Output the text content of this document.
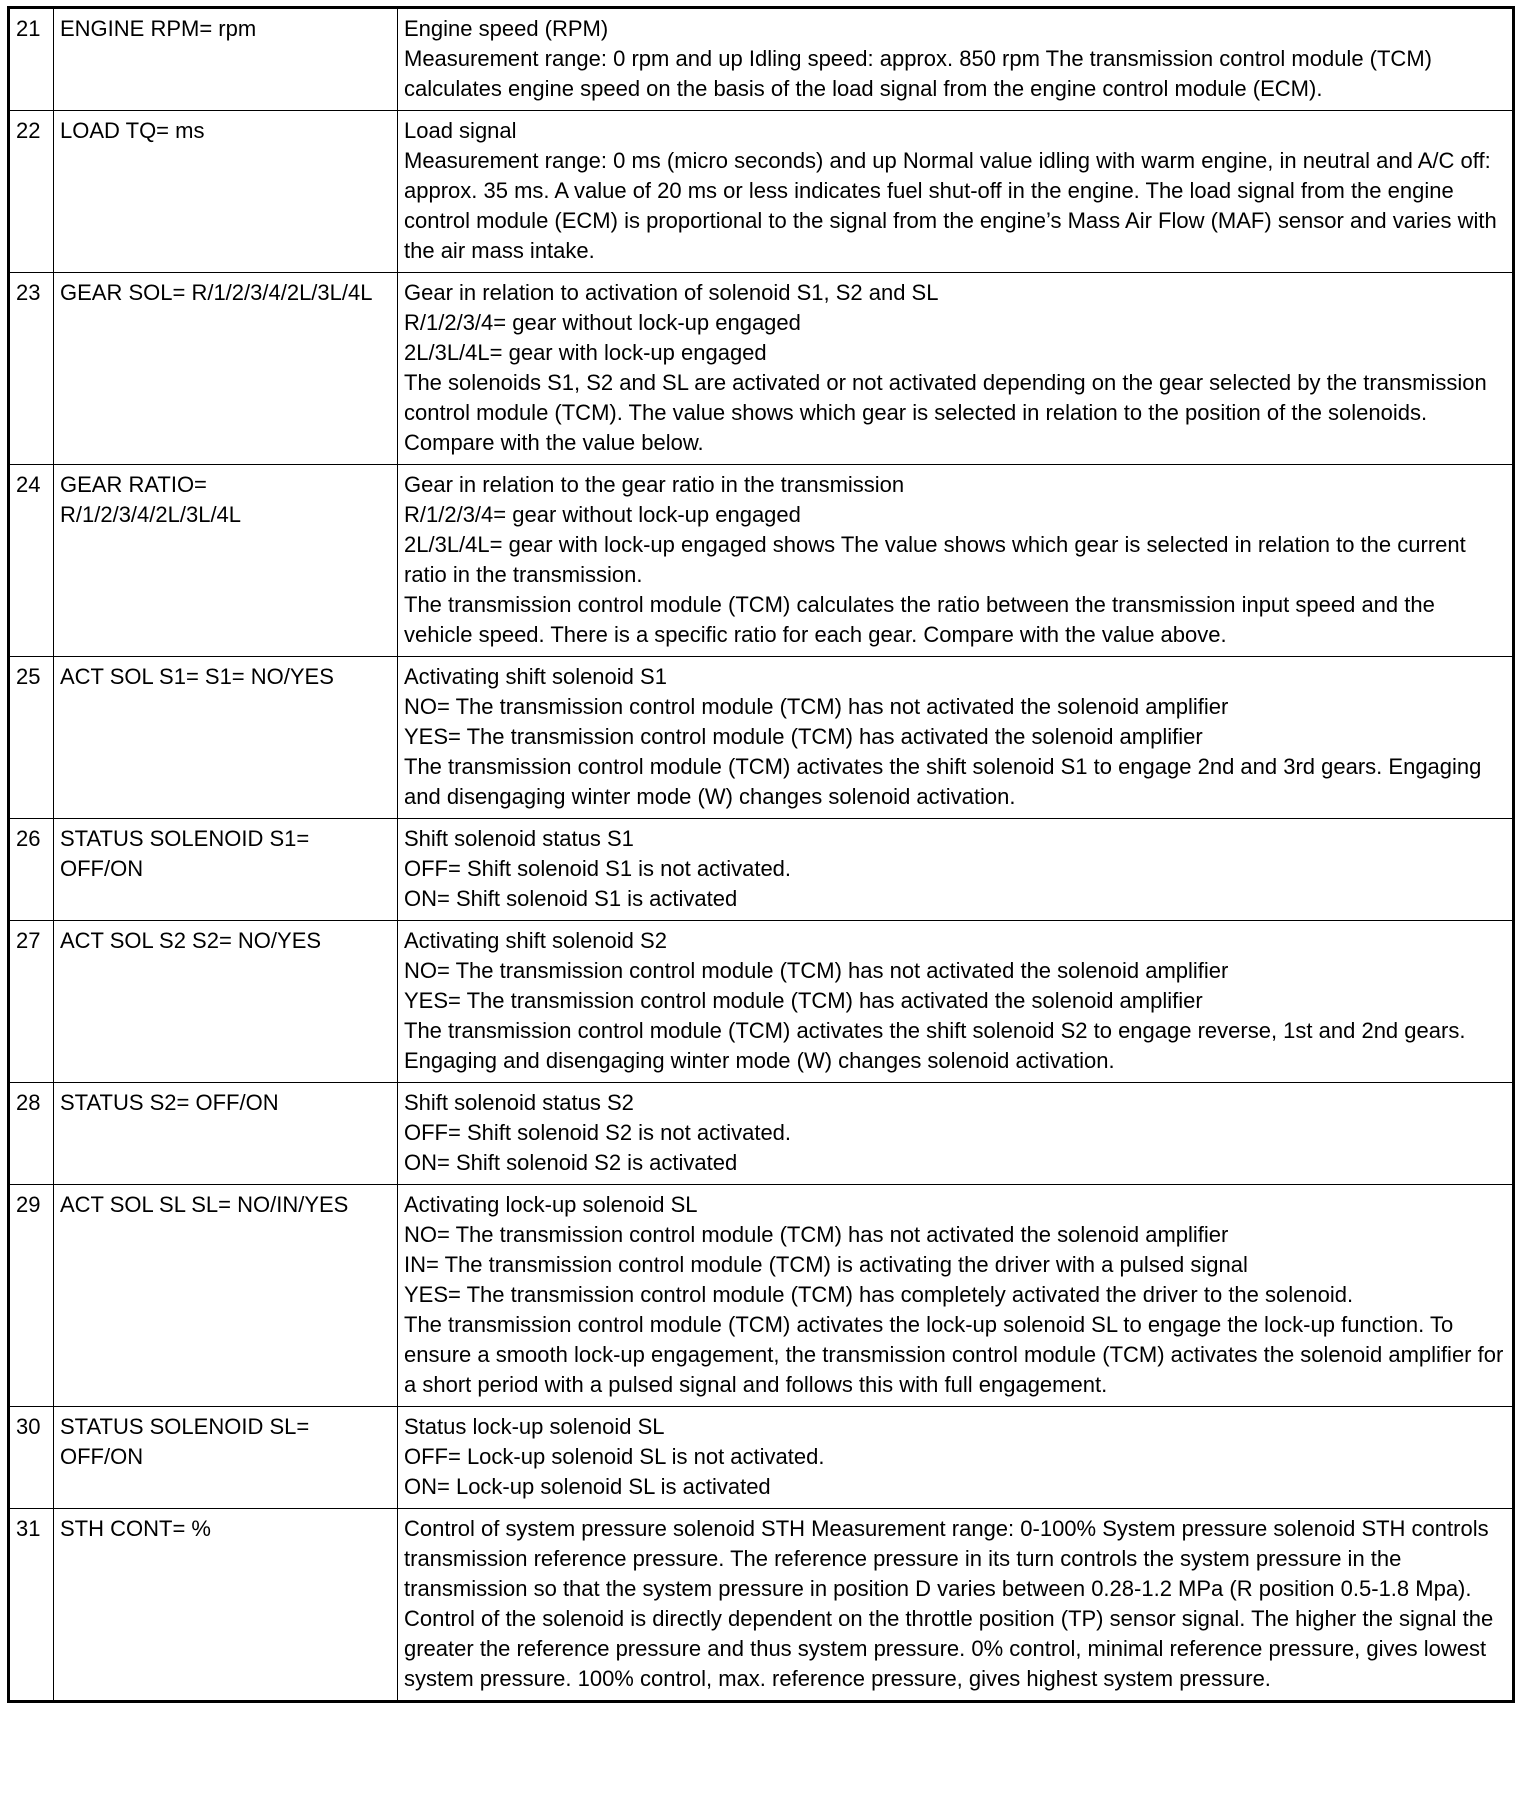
21	ENGINE RPM= rpm	Engine speed (RPM)
Measurement range: 0 rpm and up Idling speed: approx. 850 rpm The transmission control module (TCM) calculates engine speed on the basis of the load signal from the engine control module (ECM).

22	LOAD TQ= ms	Load signal
Measurement range: 0 ms (micro seconds) and up Normal value idling with warm engine, in neutral and A/C off: approx. 35 ms. A value of 20 ms or less indicates fuel shut-off in the engine. The load signal from the engine control module (ECM) is proportional to the signal from the engine’s Mass Air Flow (MAF) sensor and varies with the air mass intake.

23	GEAR SOL= R/1/2/3/4/2L/3L/4L	Gear in relation to activation of solenoid S1, S2 and SL
R/1/2/3/4= gear without lock-up engaged
2L/3L/4L= gear with lock-up engaged
The solenoids S1, S2 and SL are activated or not activated depending on the gear selected by the transmission control module (TCM). The value shows which gear is selected in relation to the position of the solenoids. Compare with the value below.

24	GEAR RATIO= R/1/2/3/4/2L/3L/4L	Gear in relation to the gear ratio in the transmission
R/1/2/3/4= gear without lock-up engaged
2L/3L/4L= gear with lock-up engaged shows The value shows which gear is selected in relation to the current ratio in the transmission.
The transmission control module (TCM) calculates the ratio between the transmission input speed and the vehicle speed. There is a specific ratio for each gear. Compare with the value above.

25	ACT SOL S1= S1= NO/YES	Activating shift solenoid S1
NO= The transmission control module (TCM) has not activated the solenoid amplifier
YES= The transmission control module (TCM) has activated the solenoid amplifier
The transmission control module (TCM) activates the shift solenoid S1 to engage 2nd and 3rd gears. Engaging and disengaging winter mode (W) changes solenoid activation.

26	STATUS SOLENOID S1= OFF/ON	Shift solenoid status S1
OFF= Shift solenoid S1 is not activated.
ON= Shift solenoid S1 is activated

27	ACT SOL S2 S2= NO/YES	Activating shift solenoid S2
NO= The transmission control module (TCM) has not activated the solenoid amplifier
YES= The transmission control module (TCM) has activated the solenoid amplifier
The transmission control module (TCM) activates the shift solenoid S2 to engage reverse, 1st and 2nd gears. Engaging and disengaging winter mode (W) changes solenoid activation.

28	STATUS S2= OFF/ON	Shift solenoid status S2
OFF= Shift solenoid S2 is not activated.
ON= Shift solenoid S2 is activated

29	ACT SOL SL SL= NO/IN/YES	Activating lock-up solenoid SL
NO= The transmission control module (TCM) has not activated the solenoid amplifier
IN= The transmission control module (TCM) is activating the driver with a pulsed signal
YES= The transmission control module (TCM) has completely activated the driver to the solenoid.
The transmission control module (TCM) activates the lock-up solenoid SL to engage the lock-up function. To ensure a smooth lock-up engagement, the transmission control module (TCM) activates the solenoid amplifier for a short period with a pulsed signal and follows this with full engagement.

30	STATUS SOLENOID SL= OFF/ON	Status lock-up solenoid SL
OFF= Lock-up solenoid SL is not activated.
ON= Lock-up solenoid SL is activated

31	STH CONT= %	Control of system pressure solenoid STH Measurement range: 0-100% System pressure solenoid STH controls transmission reference pressure. The reference pressure in its turn controls the system pressure in the transmission so that the system pressure in position D varies between 0.28-1.2 MPa (R position 0.5-1.8 Mpa). Control of the solenoid is directly dependent on the throttle position (TP) sensor signal. The higher the signal the greater the reference pressure and thus system pressure. 0% control, minimal reference pressure, gives lowest system pressure. 100% control, max. reference pressure, gives highest system pressure.
